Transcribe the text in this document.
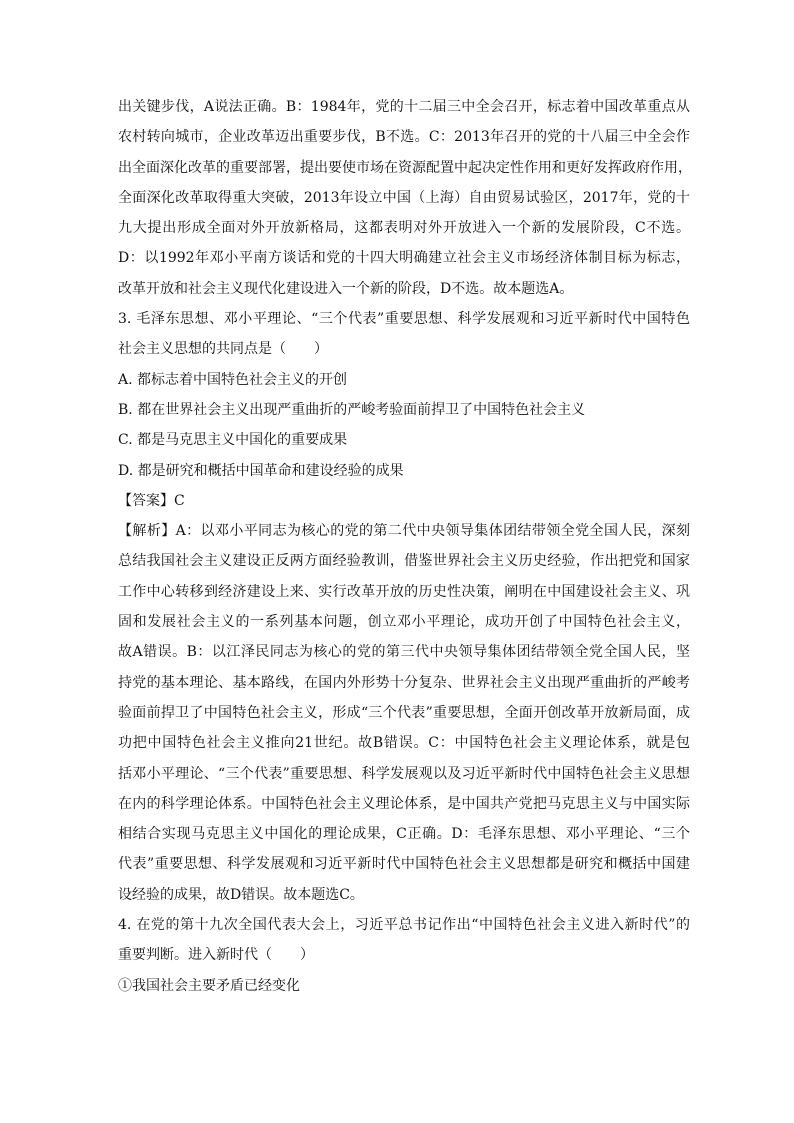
出关键步伐，A说法正确。B：1984年，党的十二届三中全会召开，标志着中国改革重点从
农村转向城市，企业改革迈出重要步伐，B不选。C：2013年召开的党的十八届三中全会作
出全面深化改革的重要部署，提出要使市场在资源配置中起决定性作用和更好发挥政府作用，
全面深化改革取得重大突破，2013年设立中国（上海）自由贸易试验区，2017年，党的十
九大提出形成全面对外开放新格局，这都表明对外开放进入一个新的发展阶段，C不选。
D：以1992年邓小平南方谈话和党的十四大明确建立社会主义市场经济体制目标为标志，
改革开放和社会主义现代化建设进入一个新的阶段，D不选。故本题选A。
3. 毛泽东思想、邓小平理论、“三个代表”重要思想、科学发展观和习近平新时代中国特色
社会主义思想的共同点是（　　）
A. 都标志着中国特色社会主义的开创
B. 都在世界社会主义出现严重曲折的严峻考验面前捍卫了中国特色社会主义
C. 都是马克思主义中国化的重要成果
D. 都是研究和概括中国革命和建设经验的成果
【答案】C
【解析】A：以邓小平同志为核心的党的第二代中央领导集体团结带领全党全国人民，深刻
总结我国社会主义建设正反两方面经验教训，借鉴世界社会主义历史经验，作出把党和国家
工作中心转移到经济建设上来、实行改革开放的历史性决策，阐明在中国建设社会主义、巩
固和发展社会主义的一系列基本问题，创立邓小平理论，成功开创了中国特色社会主义，
故A错误。B：以江泽民同志为核心的党的第三代中央领导集体团结带领全党全国人民，坚
持党的基本理论、基本路线，在国内外形势十分复杂、世界社会主义出现严重曲折的严峻考
验面前捍卫了中国特色社会主义，形成“三个代表”重要思想，全面开创改革开放新局面，成
功把中国特色社会主义推向21世纪。故B错误。C：中国特色社会主义理论体系，就是包
括邓小平理论、“三个代表”重要思想、科学发展观以及习近平新时代中国特色社会主义思想
在内的科学理论体系。中国特色社会主义理论体系，是中国共产党把马克思主义与中国实际
相结合实现马克思主义中国化的理论成果，C正确。D：毛泽东思想、邓小平理论、“三个
代表”重要思想、科学发展观和习近平新时代中国特色社会主义思想都是研究和概括中国建
设经验的成果，故D错误。故本题选C。
4. 在党的第十九次全国代表大会上，习近平总书记作出“中国特色社会主义进入新时代”的
重要判断。进入新时代（　　）
①我国社会主要矛盾已经变化
